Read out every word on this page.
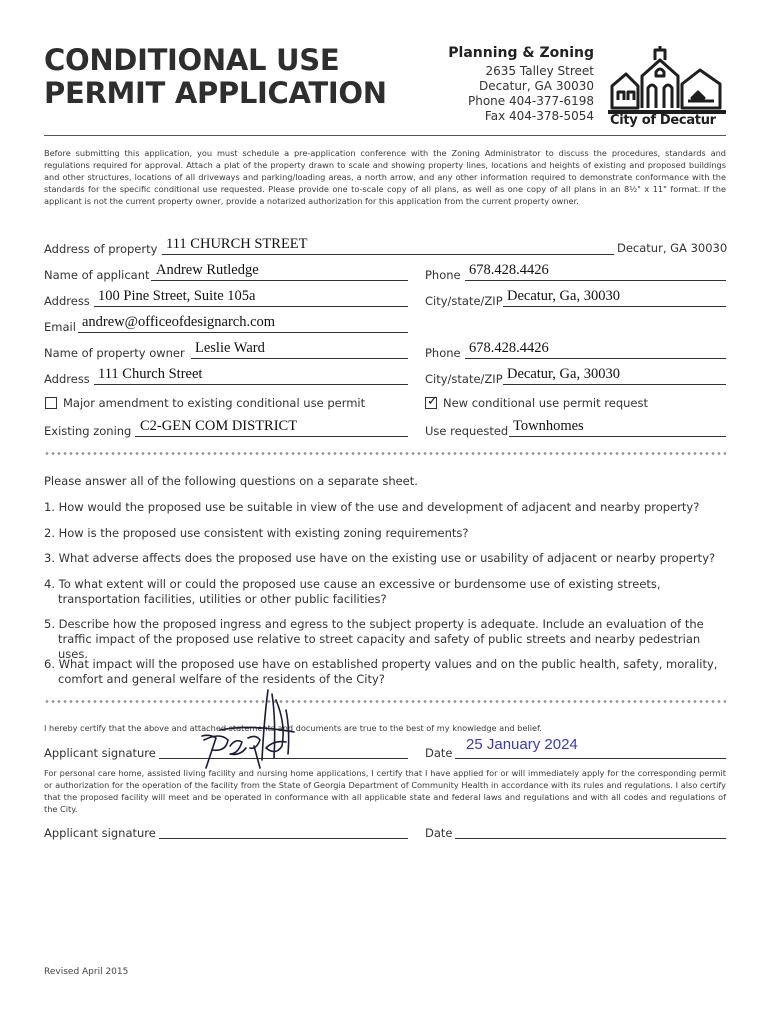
CONDITIONAL USE
PERMIT APPLICATION
Planning & Zoning
2635 Talley Street
Decatur, GA 30030
Phone 404-377-6198
Fax 404-378-5054 City of Decatur
Before submitting this application, you must schedule a pre-application conference with the Zoning Administrator to discuss the procedures, standards and regulations required for approval. Attach a plat of the property drawn to scale and showing property lines, locations and heights of existing and proposed buildings and other structures, locations of all driveways and parking/loading areas, a north arrow, and any other information required to demonstrate conformance with the standards for the specific conditional use requested. Please provide one to-scale copy of all plans, as well as one copy of all plans in an 8½" x 11" format. If the applicant is not the current property owner, provide a notarized authorization for this application from the current property owner.
Address of property 111 CHURCH STREET	Decatur, GA 30030
Name of applicant Andrew Rutledge	Phone 678.428.4426
Address 100 Pine Street, Suite 105a	City/state/ZIP Decatur, Ga, 30030
Email andrew@officeofdesignarch.com
Name of property owner Leslie Ward	Phone 678.428.4426
Address 111 Church Street	City/state/ZIP Decatur, Ga, 30030
Major amendment to existing conditional use permit	✓ New conditional use permit request
Existing zoning C2-GEN COM DISTRICT	Use requested Townhomes
Please answer all of the following questions on a separate sheet.
1. How would the proposed use be suitable in view of the use and development of adjacent and nearby property?
2. How is the proposed use consistent with existing zoning requirements?
3. What adverse affects does the proposed use have on the existing use or usability of adjacent or nearby property?
4. To what extent will or could the proposed use cause an excessive or burdensome use of existing streets,
transportation facilities, utilities or other public facilities?
5. Describe how the proposed ingress and egress to the subject property is adequate. Include an evaluation of the
traffic impact of the proposed use relative to street capacity and safety of public streets and nearby pedestrian uses.
6. What impact will the proposed use have on established property values and on the public health, safety, morality,
comfort and general welfare of the residents of the City?
I hereby certify that the above and attached statements and documents are true to the best of my knowledge and belief.
Applicant signature	Date 25 January 2024
For personal care home, assisted living facility and nursing home applications, I certify that I have applied for or will immediately apply for the corresponding permit or authorization for the operation of the facility from the State of Georgia Department of Community Health in accordance with its rules and regulations. I also certify that the proposed facility will meet and be operated in conformance with all applicable state and federal laws and regulations and with all codes and regulations of the City.
Applicant signature	Date
Revised April 2015
